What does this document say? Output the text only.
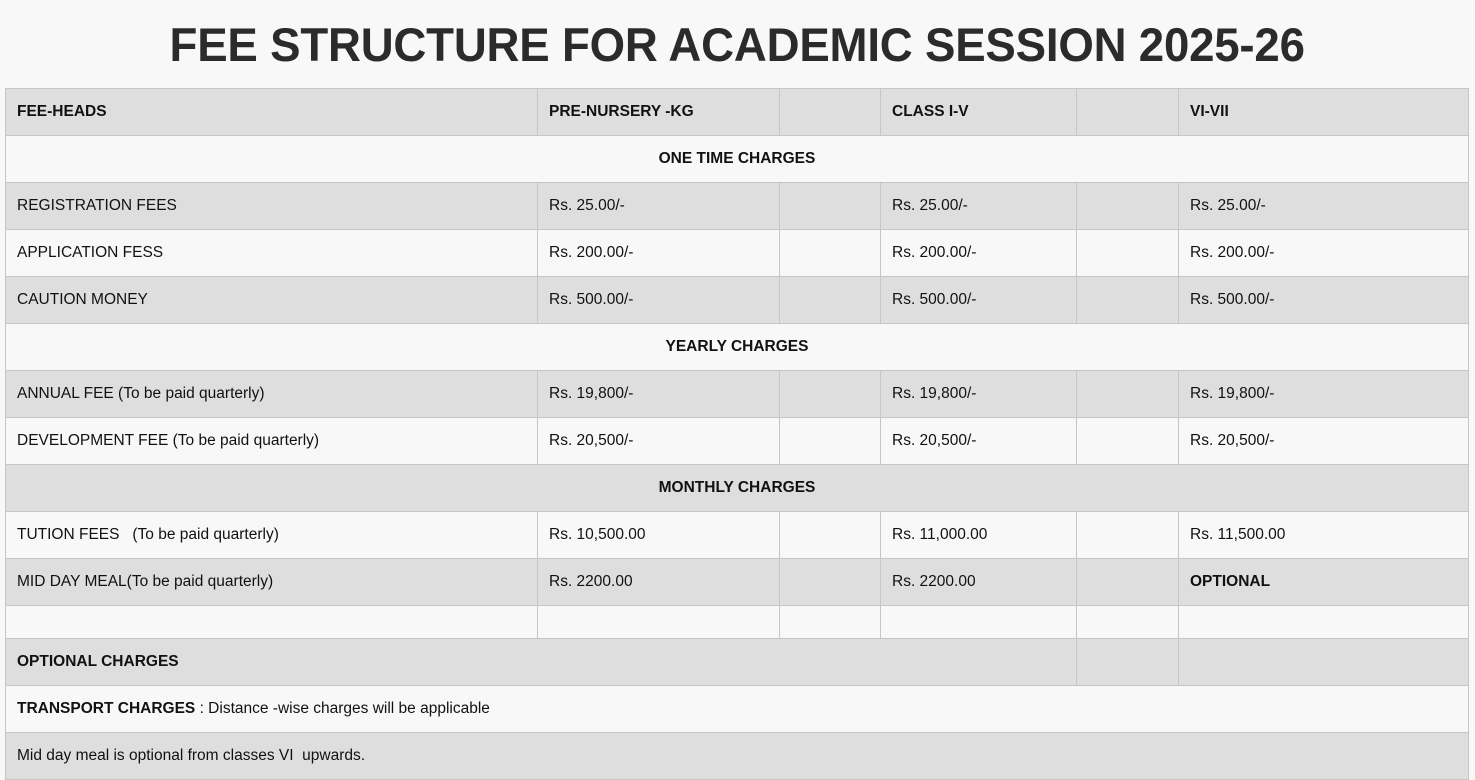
FEE STRUCTURE FOR ACADEMIC SESSION 2025-26
FEE-HEADS	PRE-NURSERY -KG		CLASS I-V		VI-VII
ONE TIME CHARGES					
REGISTRATION FEES	Rs. 25.00/-		Rs. 25.00/-		Rs. 25.00/-
APPLICATION FESS	Rs. 200.00/-		Rs. 200.00/-		Rs. 200.00/-
CAUTION MONEY	Rs. 500.00/-		Rs. 500.00/-		Rs. 500.00/-
YEARLY CHARGES					
ANNUAL FEE (To be paid quarterly)	Rs. 19,800/-		Rs. 19,800/-		Rs. 19,800/-
DEVELOPMENT FEE (To be paid quarterly)	Rs. 20,500/-		Rs. 20,500/-		Rs. 20,500/-
MONTHLY CHARGES					
TUTION FEES   (To be paid quarterly)	Rs. 10,500.00		Rs. 11,000.00		Rs. 11,500.00
MID DAY MEAL(To be paid quarterly)	Rs. 2200.00		Rs. 2200.00		OPTIONAL

OPTIONAL CHARGES					
TRANSPORT CHARGES : Distance -wise charges will be applicable					
Mid day meal is optional from classes VI  upwards.					
